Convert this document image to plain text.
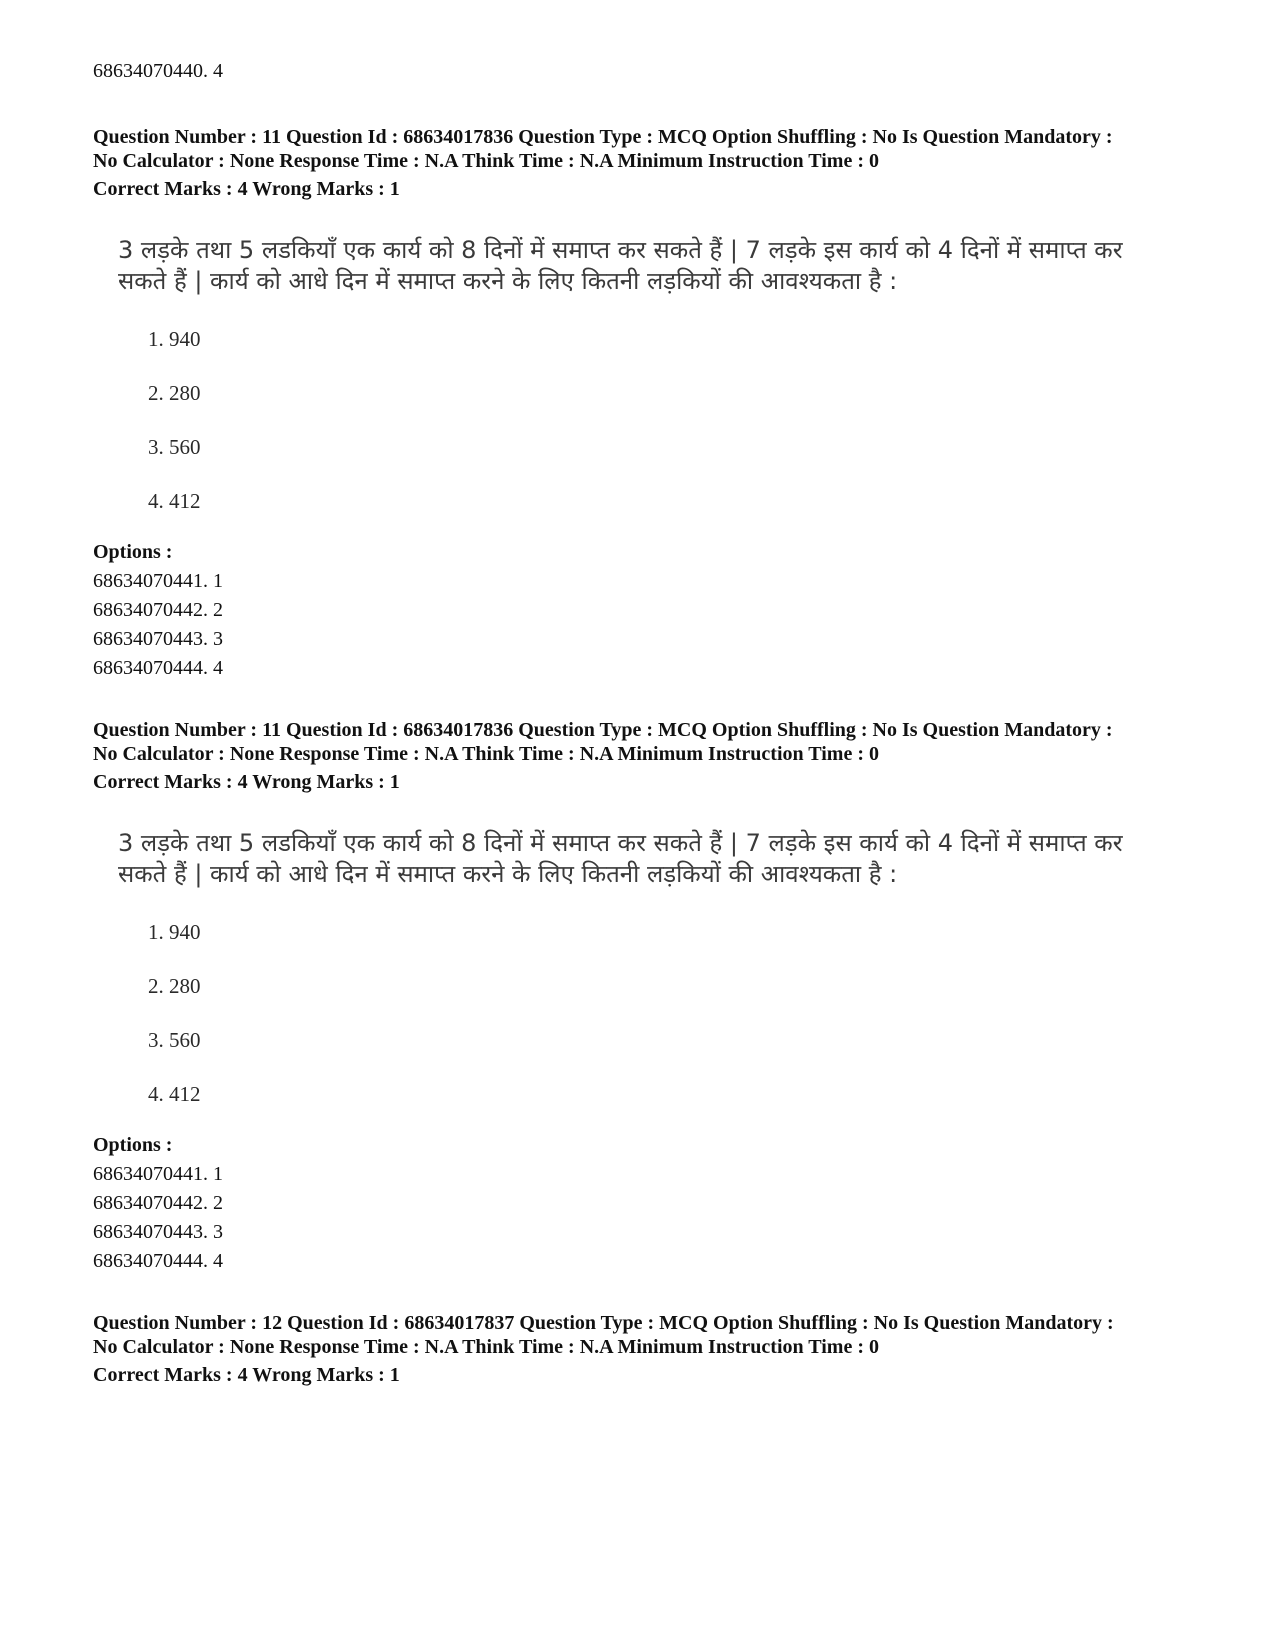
68634070440. 4
Question Number : 11 Question Id : 68634017836 Question Type : MCQ Option Shuffling : No Is Question Mandatory :
No Calculator : None Response Time : N.A Think Time : N.A Minimum Instruction Time : 0
Correct Marks : 4 Wrong Marks : 1
3 लड़के तथा 5 लडकियाँ एक कार्य को 8 दिनों में समाप्त कर सकते हैं | 7 लड़के इस कार्य को 4 दिनों में समाप्त कर
सकते हैं | कार्य को आधे दिन में समाप्त करने के लिए कितनी लड़कियों की आवश्यकता है :
1. 940
2. 280
3. 560
4. 412
Options :
68634070441. 1
68634070442. 2
68634070443. 3
68634070444. 4
Question Number : 11 Question Id : 68634017836 Question Type : MCQ Option Shuffling : No Is Question Mandatory :
No Calculator : None Response Time : N.A Think Time : N.A Minimum Instruction Time : 0
Correct Marks : 4 Wrong Marks : 1
3 लड़के तथा 5 लडकियाँ एक कार्य को 8 दिनों में समाप्त कर सकते हैं | 7 लड़के इस कार्य को 4 दिनों में समाप्त कर
सकते हैं | कार्य को आधे दिन में समाप्त करने के लिए कितनी लड़कियों की आवश्यकता है :
1. 940
2. 280
3. 560
4. 412
Options :
68634070441. 1
68634070442. 2
68634070443. 3
68634070444. 4
Question Number : 12 Question Id : 68634017837 Question Type : MCQ Option Shuffling : No Is Question Mandatory :
No Calculator : None Response Time : N.A Think Time : N.A Minimum Instruction Time : 0
Correct Marks : 4 Wrong Marks : 1
